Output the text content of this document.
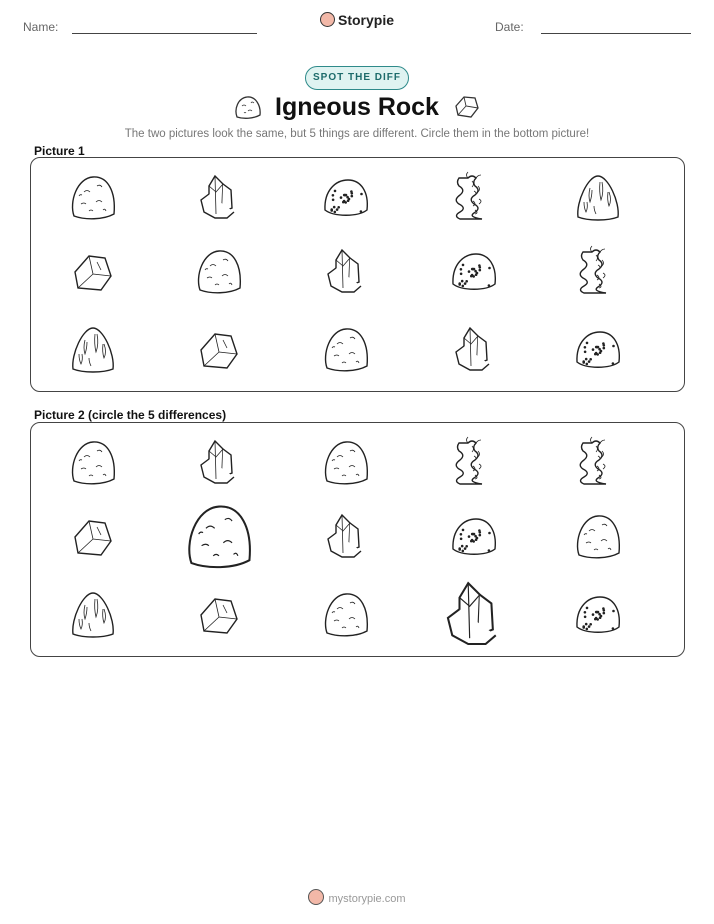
Name:	Storypie	Date:
SPOT THE DIFF
Igneous Rock
The two pictures look the same, but 5 things are different. Circle them in the bottom picture!
Picture 1
Picture 2 (circle the 5 differences)
mystorypie.com
